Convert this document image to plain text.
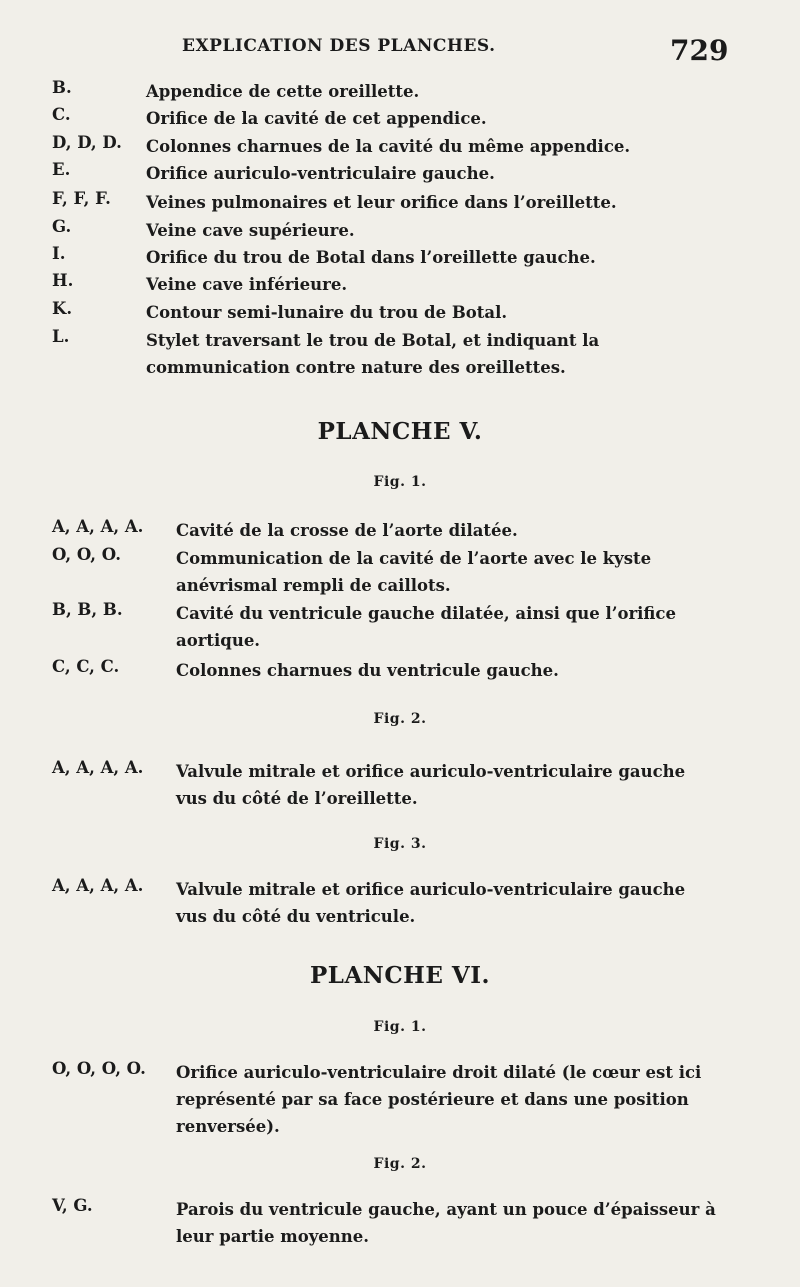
EXPLICATION DES PLANCHES.	729
B.	Appendice de cette oreillette.
C.	Orifice de la cavité de cet appendice.
D, D, D. Colonnes charnues de la cavité du même appendice.
E.	Orifice auriculo-ventriculaire gauche.
F, F, F. Veines pulmonaires et leur orifice dans l’oreillette.
G.	Veine cave supérieure.
I.	Orifice du trou de Botal dans l’oreillette gauche.
H.	Veine cave inférieure.
K.	Contour semi-lunaire du trou de Botal.
L.	Stylet traversant le trou de Botal, et indiquant la communication contre nature des oreillettes.
PLANCHE V.
Fig. 1.
A, A, A, A. Cavité de la crosse de l’aorte dilatée.
O, O, O.	Communication de la cavité de l’aorte avec le kyste anévrismal rempli de caillots.
B, B, B.	Cavité du ventricule gauche dilatée, ainsi que l’orifice aortique.
C, C, C.	Colonnes charnues du ventricule gauche.
Fig. 2.
A, A, A, A. Valvule mitrale et orifice auriculo-ventriculaire gauche vus du côté de l’oreillette.
Fig. 3.
A, A, A, A. Valvule mitrale et orifice auriculo-ventriculaire gauche vus du côté du ventricule.
PLANCHE VI.
Fig. 1.
O, O, O, O. Orifice auriculo-ventriculaire droit dilaté (le cœur est ici représenté par sa face postérieure et dans une position renversée).
Fig. 2.
V, G.	Parois du ventricule gauche, ayant un pouce d’épaisseur à leur partie moyenne.
